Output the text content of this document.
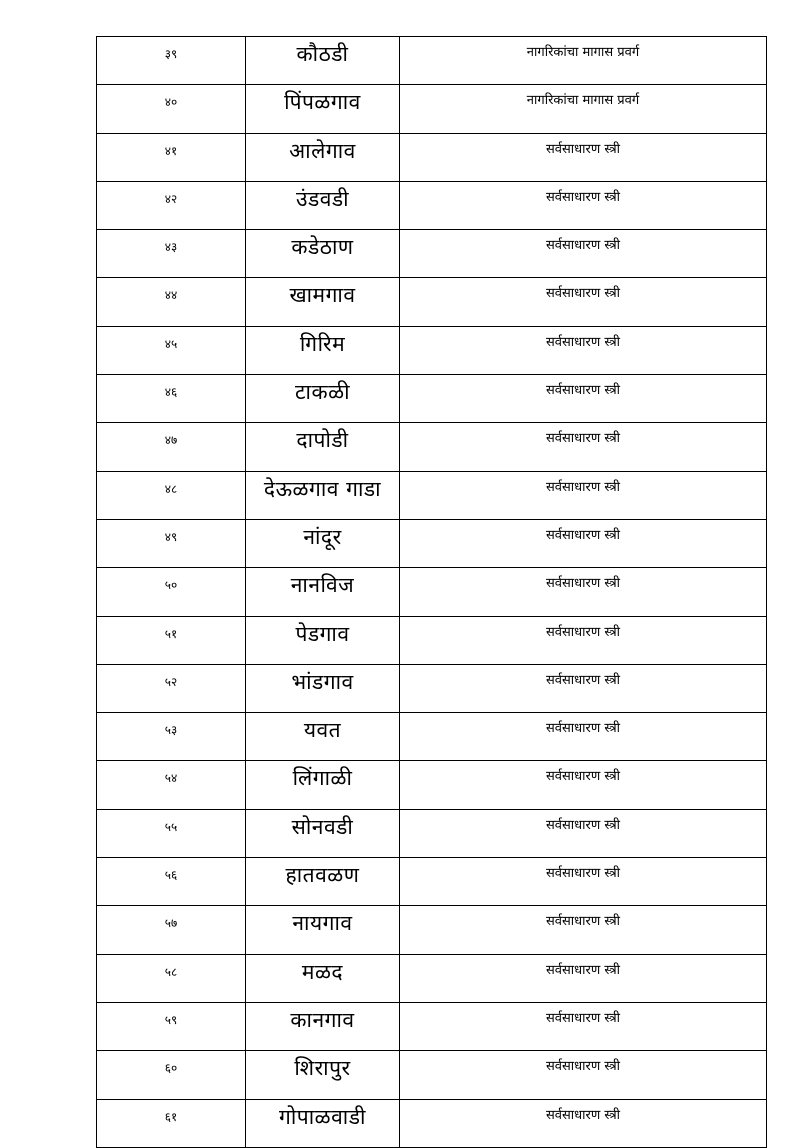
३९	कौठडी	नागरिकांचा मागास प्रवर्ग
४०	पिंपळगाव	नागरिकांचा मागास प्रवर्ग
४१	आलेगाव	सर्वसाधारण स्त्री
४२	उंडवडी	सर्वसाधारण स्त्री
४३	कडेठाण	सर्वसाधारण स्त्री
४४	खामगाव	सर्वसाधारण स्त्री
४५	गिरिम	सर्वसाधारण स्त्री
४६	टाकळी	सर्वसाधारण स्त्री
४७	दापोडी	सर्वसाधारण स्त्री
४८	देऊळगाव गाडा	सर्वसाधारण स्त्री
४९	नांदूर	सर्वसाधारण स्त्री
५०	नानविज	सर्वसाधारण स्त्री
५१	पेडगाव	सर्वसाधारण स्त्री
५२	भांडगाव	सर्वसाधारण स्त्री
५३	यवत	सर्वसाधारण स्त्री
५४	लिंगाळी	सर्वसाधारण स्त्री
५५	सोनवडी	सर्वसाधारण स्त्री
५६	हातवळण	सर्वसाधारण स्त्री
५७	नायगाव	सर्वसाधारण स्त्री
५८	मळद	सर्वसाधारण स्त्री
५९	कानगाव	सर्वसाधारण स्त्री
६०	शिरापुर	सर्वसाधारण स्त्री
६१	गोपाळवाडी	सर्वसाधारण स्त्री
